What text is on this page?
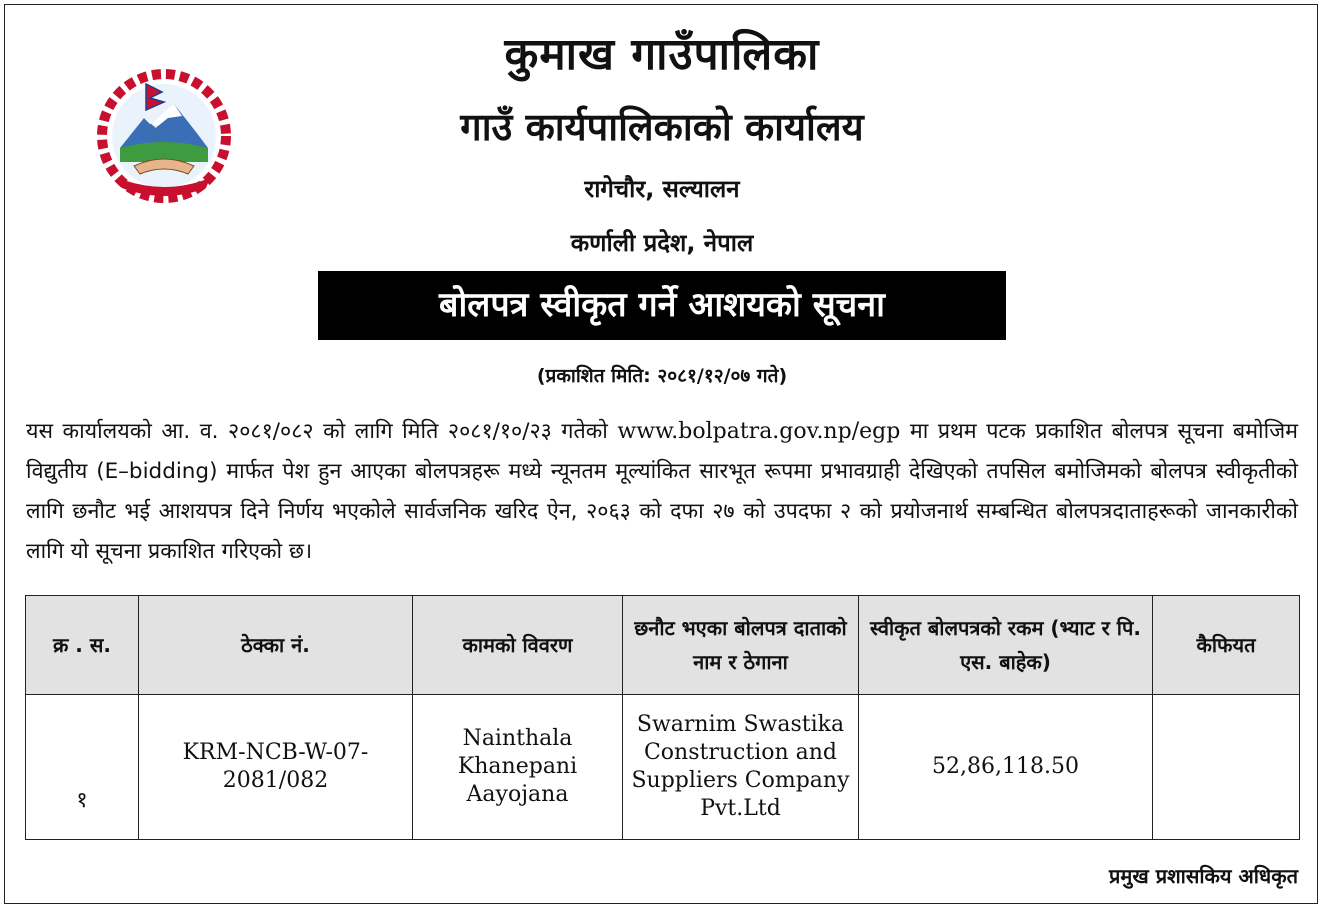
कुमाख गाउँपालिका
गाउँ कार्यपालिकाको कार्यालय
रागेचौर, सल्यालन
कर्णाली प्रदेश, नेपाल
बोलपत्र स्वीकृत गर्ने आशयको सूचना
(प्रकाशित मिति: २०८१/१२/०७ गते)
यस कार्यालयको आ. व. २०८१/०८२ को लागि मिति २०८१/१०/२३ गतेको www.bolpatra.gov.np/egp मा प्रथम पटक प्रकाशित बोलपत्र सूचना बमोजिम विद्युतीय (E–bidding) मार्फत पेश हुन आएका बोलपत्रहरू मध्ये न्यूनतम मूल्यांकित सारभूत रूपमा प्रभावग्राही देखिएको तपसिल बमोजिमको बोलपत्र स्वीकृतीको लागि छनौट भई आशयपत्र दिने निर्णय भएकोले सार्वजनिक खरिद ऐन, २०६३ को दफा २७ को उपदफा २ को प्रयोजनार्थ सम्बन्धित बोलपत्रदाताहरूको जानकारीको लागि यो सूचना प्रकाशित गरिएको छ।
क्र . स.	ठेक्का नं.	कामको विवरण	छनौट भएका बोलपत्र दाताको नाम र ठेगाना	स्वीकृत बोलपत्रको रकम (भ्याट र पि. एस. बाहेक)	कैफियत
१	KRM-NCB-W-07-2081/082	Nainthala Khanepani Aayojana	Swarnim Swastika Construction and Suppliers Company Pvt.Ltd	52,86,118.50	
प्रमुख प्रशासकिय अधिकृत
